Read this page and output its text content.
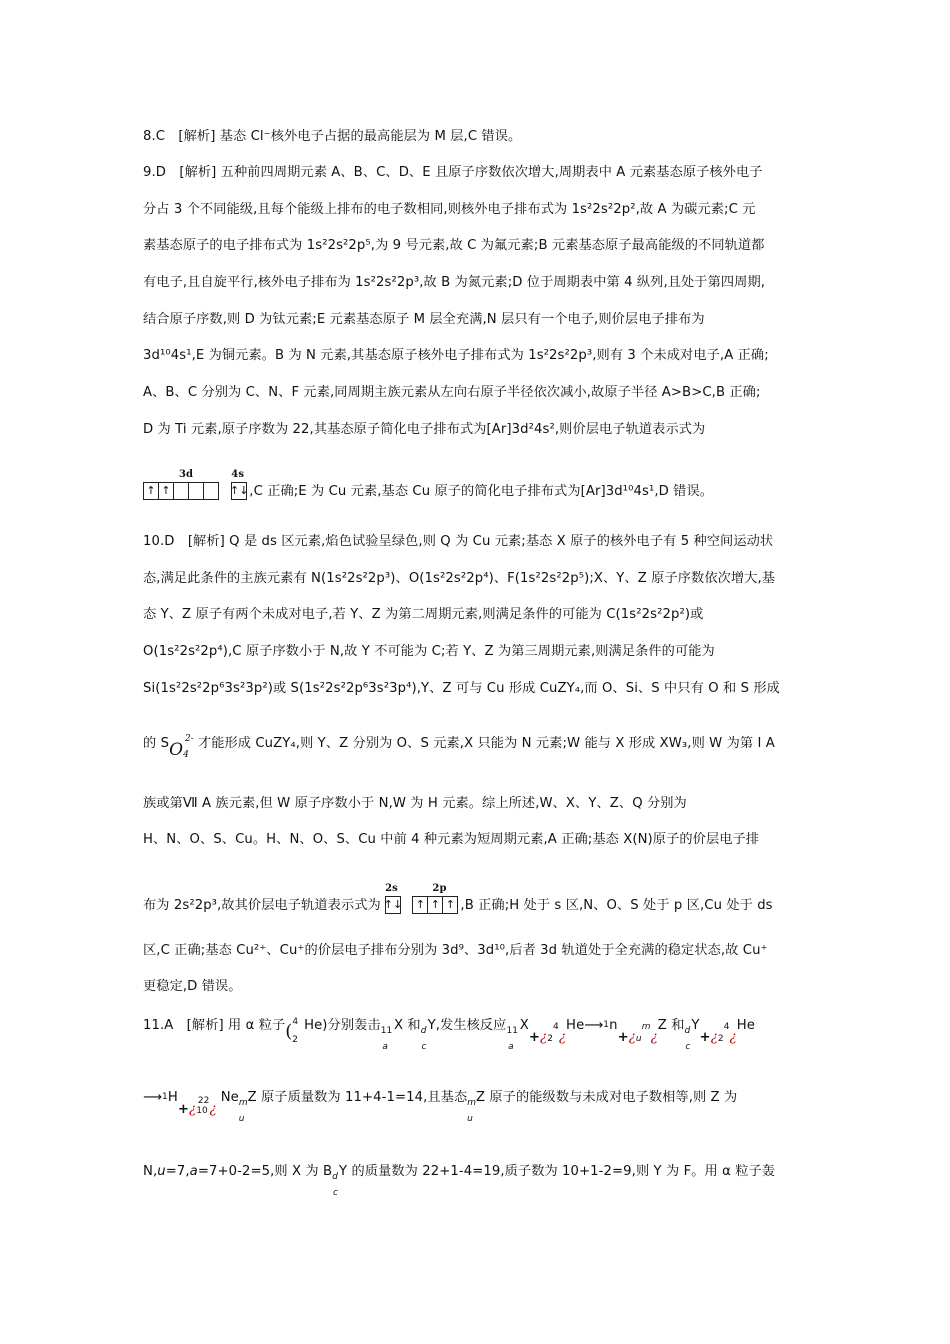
8.C　[解析] 基态 Cl⁻核外电子占据的最高能层为 M 层,C 错误。
9.D　[解析] 五种前四周期元素 A、B、C、D、E 且原子序数依次增大,周期表中 A 元素基态原子核外电子
分占 3 个不同能级,且每个能级上排布的电子数相同,则核外电子排布式为 1s²2s²2p²,故 A 为碳元素;C 元
素基态原子的电子排布式为 1s²2s²2p⁵,为 9 号元素,故 C 为氟元素;B 元素基态原子最高能级的不同轨道都
有电子,且自旋平行,核外电子排布为 1s²2s²2p³,故 B 为氮元素;D 位于周期表中第 4 纵列,且处于第四周期,
结合原子序数,则 D 为钛元素;E 元素基态原子 M 层全充满,N 层只有一个电子,则价层电子排布为
3d¹⁰4s¹,E 为铜元素。B 为 N 元素,其基态原子核外电子排布式为 1s²2s²2p³,则有 3 个未成对电子,A 正确;
A、B、C 分别为 C、N、F 元素,同周期主族元素从左向右原子半径依次减小,故原子半径 A>B>C,B 正确;
D 为 Ti 元素,原子序数为 22,其基态原子简化电子排布式为[Ar]3d²4s²,则价层电子轨道表示式为
3d
↑ ↑

4s
↑↓ ,C 正确;E 为 Cu 元素,基态 Cu 原子的简化电子排布式为[Ar]3d¹⁰4s¹,D 错误。
10.D　[解析] Q 是 ds 区元素,焰色试验呈绿色,则 Q 为 Cu 元素;基态 X 原子的核外电子有 5 种空间运动状
态,满足此条件的主族元素有 N(1s²2s²2p³)、O(1s²2s²2p⁴)、F(1s²2s²2p⁵);X、Y、Z 原子序数依次增大,基
态 Y、Z 原子有两个未成对电子,若 Y、Z 为第二周期元素,则满足条件的可能为 C(1s²2s²2p²)或
O(1s²2s²2p⁴),C 原子序数小于 N,故 Y 不可能为 C;若 Y、Z 为第三周期元素,则满足条件的可能为
Si(1s²2s²2p⁶3s²3p²)或 S(1s²2s²2p⁶3s²3p⁴),Y、Z 可与 Cu 形成 CuZY₄,而 O、Si、S 中只有 O 和 S 形成
的 $SO4^{2-}$ 才能形成 CuZY₄,则 Y、Z 分别为 O、S 元素,X 只能为 N 元素;W 能与 X 形成 XW₃,则 W 为第 Ⅰ A
族或第Ⅶ A 族元素,但 W 原子序数小于 N,W 为 H 元素。综上所述,W、X、Y、Z、Q 分别为
H、N、O、S、Cu。H、N、O、S、Cu 中前 4 种元素为短周期元素,A 正确;基态 X(N)原子的价层电子排
布为 2s²2p³,故其价层电子轨道表示式为
2s
↑↓

2p
↑ ↑ ↑ ,B 正确;H 处于 s 区,N、O、S 处于 p 区,Cu 处于 ds
区,C 正确;基态 Cu²⁺、Cu⁺的价层电子排布分别为 3d⁹、3d¹⁰,后者 3d 轨道处于全充满的稳定状态,故 Cu⁺
更稳定,D 错误。
11.A　[解析] 用 α 粒子($^4_2$He)分别轰击$_{11a}$X 和$_{dc}$Y,发生核反应$_{11a}X+¿_24¿He⟶1n+¿_um¿Z$ 和$_{dc}Y+¿_24¿He$
$⟶1H+¿_{10}22¿Ne_{mu}Z$ 原子质量数为 11+4-1=14,且基态$_{mu}$Z 原子的能级数与未成对电子数相等,则 Z 为
N,u=7,a=7+0-2=5,则 X 为 $B_{dc}Y$ 的质量数为 22+1-4=19,质子数为 10+1-2=9,则 Y 为 F。用 α 粒子轰
